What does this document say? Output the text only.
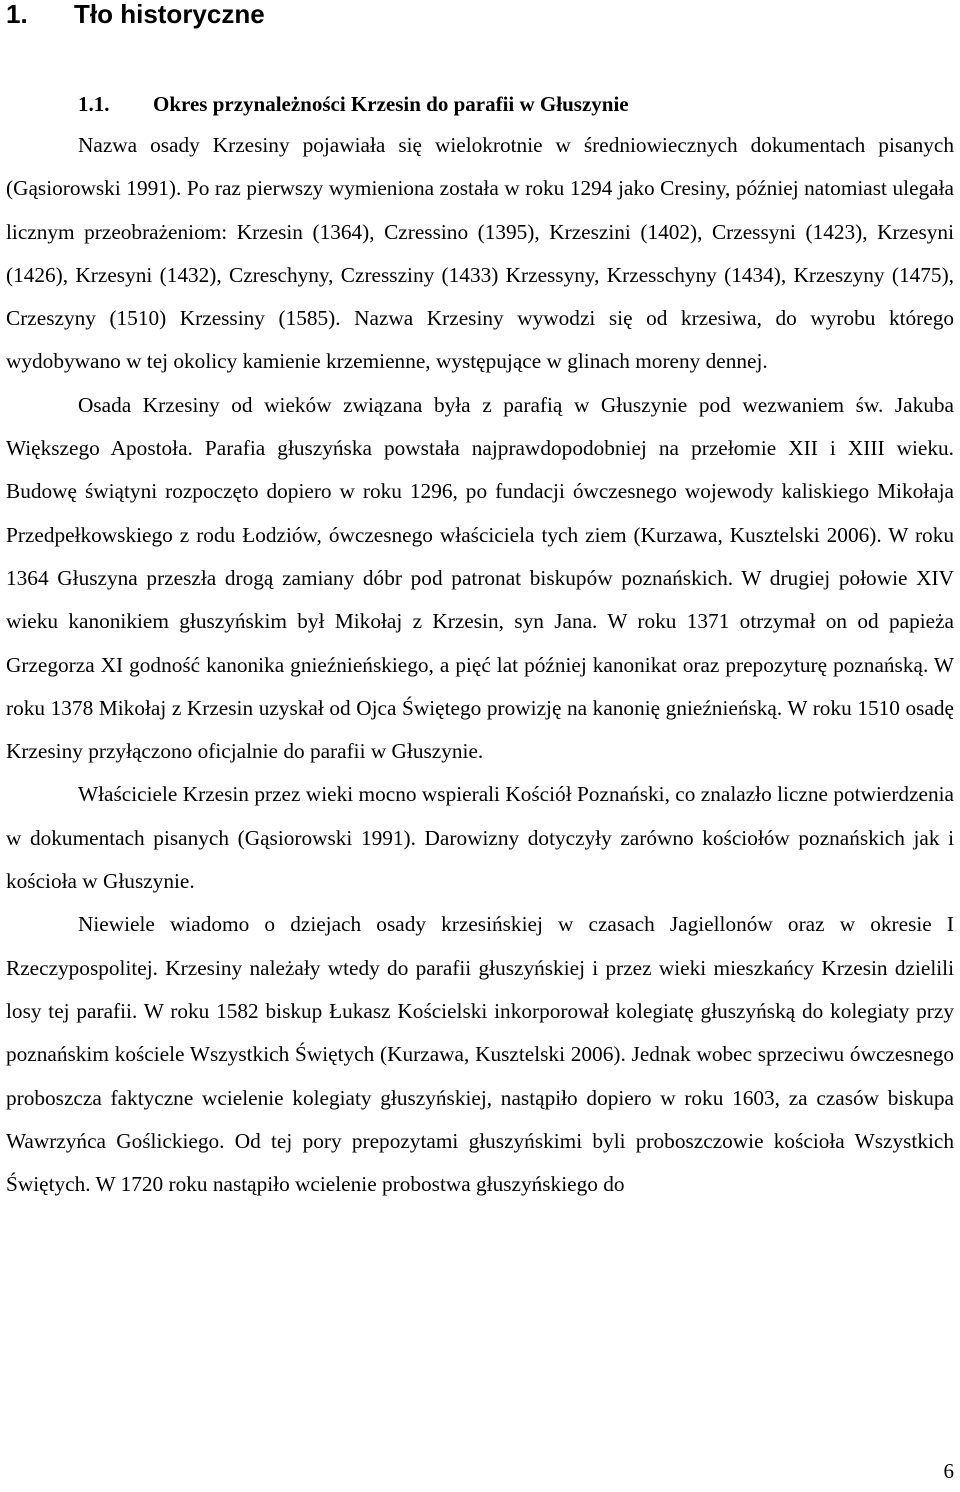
1. Tło historyczne
1.1. Okres przynależności Krzesin do parafii w Głuszynie

Nazwa osady Krzesiny pojawiała się wielokrotnie w średniowiecznych dokumentach pisanych (Gąsiorowski 1991). Po raz pierwszy wymieniona została w roku 1294 jako Cresiny, później natomiast ulegała licznym przeobrażeniom: Krzesin (1364), Czressino (1395), Krzeszini (1402), Crzessyni (1423), Krzesyni (1426), Krzesyni (1432), Czreschyny, Czressziny (1433) Krzessyny, Krzesschyny (1434), Krzeszyny (1475), Crzeszyny (1510) Krzessiny (1585). Nazwa Krzesiny wywodzi się od krzesiwa, do wyrobu którego wydobywano w tej okolicy kamienie krzemienne, występujące w glinach moreny dennej.

Osada Krzesiny od wieków związana była z parafią w Głuszynie pod wezwaniem św. Jakuba Większego Apostoła. Parafia głuszyńska powstała najprawdopodobniej na przełomie XII i XIII wieku. Budowę świątyni rozpoczęto dopiero w roku 1296, po fundacji ówczesnego wojewody kaliskiego Mikołaja Przedpełkowskiego z rodu Łodziów, ówczesnego właściciela tych ziem (Kurzawa, Kusztelski 2006). W roku 1364 Głuszyna przeszła drogą zamiany dóbr pod patronat biskupów poznańskich. W drugiej połowie XIV wieku kanonikiem głuszyńskim był Mikołaj z Krzesin, syn Jana. W roku 1371 otrzymał on od papieża Grzegorza XI godność kanonika gnieźnieńskiego, a pięć lat później kanonikat oraz prepozyturę poznańską. W roku 1378 Mikołaj z Krzesin uzyskał od Ojca Świętego prowizję na kanonię gnieźnieńską. W roku 1510 osadę Krzesiny przyłączono oficjalnie do parafii w Głuszynie.

Właściciele Krzesin przez wieki mocno wspierali Kościół Poznański, co znalazło liczne potwierdzenia w dokumentach pisanych (Gąsiorowski 1991). Darowizny dotyczyły zarówno kościołów poznańskich jak i kościoła w Głuszynie.

Niewiele wiadomo o dziejach osady krzesińskiej w czasach Jagiellonów oraz w okresie I Rzeczypospolitej. Krzesiny należały wtedy do parafii głuszyńskiej i przez wieki mieszkańcy Krzesin dzielili losy tej parafii. W roku 1582 biskup Łukasz Kościelski inkorporował kolegiatę głuszyńską do kolegiaty przy poznańskim kościele Wszystkich Świętych (Kurzawa, Kusztelski 2006). Jednak wobec sprzeciwu ówczesnego proboszcza faktyczne wcielenie kolegiaty głuszyńskiej, nastąpiło dopiero w roku 1603, za czasów biskupa Wawrzyńca Goślickiego. Od tej pory prepozytami głuszyńskimi byli proboszczowie kościoła Wszystkich Świętych. W 1720 roku nastąpiło wcielenie probostwa głuszyńskiego do

6
